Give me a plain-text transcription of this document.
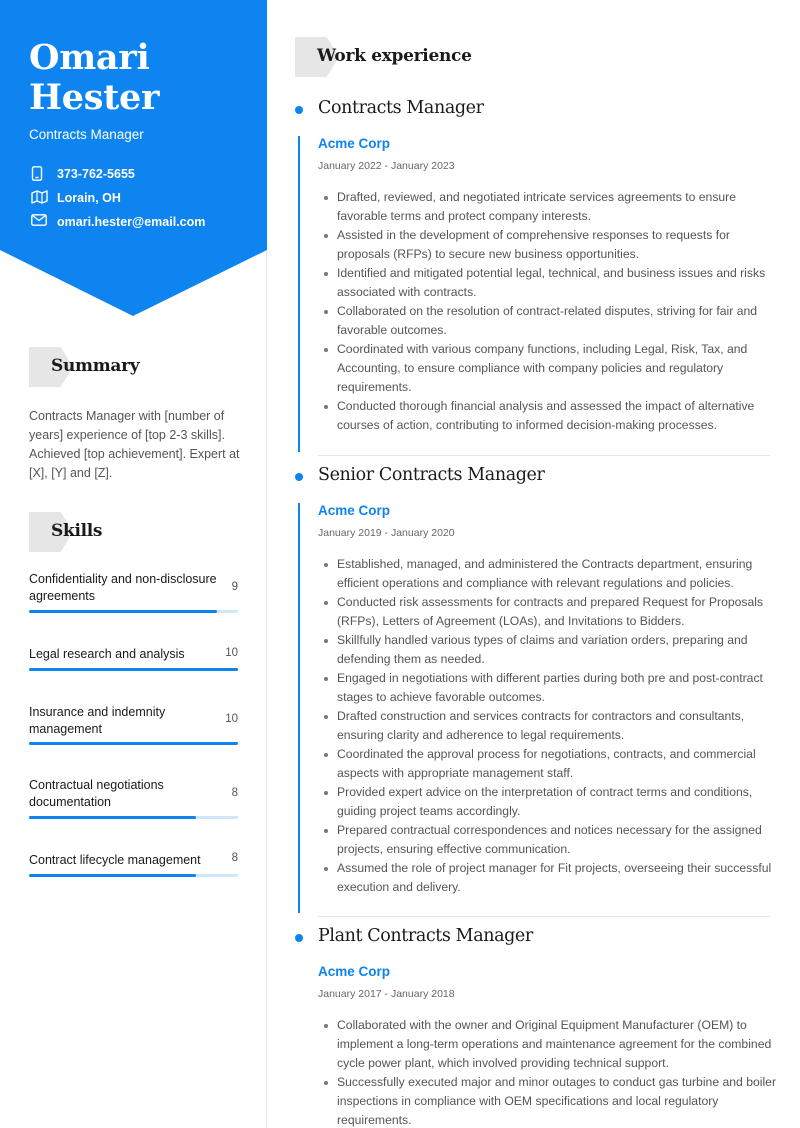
Omari
Hester
Contracts Manager
373-762-5655
Lorain, OH
omari.hester@email.com
Summary
Contracts Manager with [number of years] experience of [top 2-3 skills]. Achieved [top achievement]. Expert at [X], [Y] and [Z].
Skills
Confidentiality and non-disclosure agreements
9
Legal research and analysis	10
Insurance and indemnity management
10
Contractual negotiations documentation
8
Contract lifecycle management	8
Work experience
Contracts Manager
Acme Corp
January 2022 - January 2023
Drafted, reviewed, and negotiated intricate services agreements to ensure favorable terms and protect company interests.
Assisted in the development of comprehensive responses to requests for proposals (RFPs) to secure new business opportunities.
Identified and mitigated potential legal, technical, and business issues and risks associated with contracts.
Collaborated on the resolution of contract-related disputes, striving for fair and favorable outcomes.
Coordinated with various company functions, including Legal, Risk, Tax, and Accounting, to ensure compliance with company policies and regulatory requirements.
Conducted thorough financial analysis and assessed the impact of alternative courses of action, contributing to informed decision-making processes.
Senior Contracts Manager
Acme Corp
January 2019 - January 2020
Established, managed, and administered the Contracts department, ensuring efficient operations and compliance with relevant regulations and policies.
Conducted risk assessments for contracts and prepared Request for Proposals (RFPs), Letters of Agreement (LOAs), and Invitations to Bidders.
Skillfully handled various types of claims and variation orders, preparing and defending them as needed.
Engaged in negotiations with different parties during both pre and post-contract stages to achieve favorable outcomes.
Drafted construction and services contracts for contractors and consultants, ensuring clarity and adherence to legal requirements.
Coordinated the approval process for negotiations, contracts, and commercial aspects with appropriate management staff.
Provided expert advice on the interpretation of contract terms and conditions, guiding project teams accordingly.
Prepared contractual correspondences and notices necessary for the assigned projects, ensuring effective communication.
Assumed the role of project manager for Fit projects, overseeing their successful execution and delivery.
Plant Contracts Manager
Acme Corp
January 2017 - January 2018
Collaborated with the owner and Original Equipment Manufacturer (OEM) to implement a long-term operations and maintenance agreement for the combined cycle power plant, which involved providing technical support.
Successfully executed major and minor outages to conduct gas turbine and boiler inspections in compliance with OEM specifications and local regulatory requirements.
